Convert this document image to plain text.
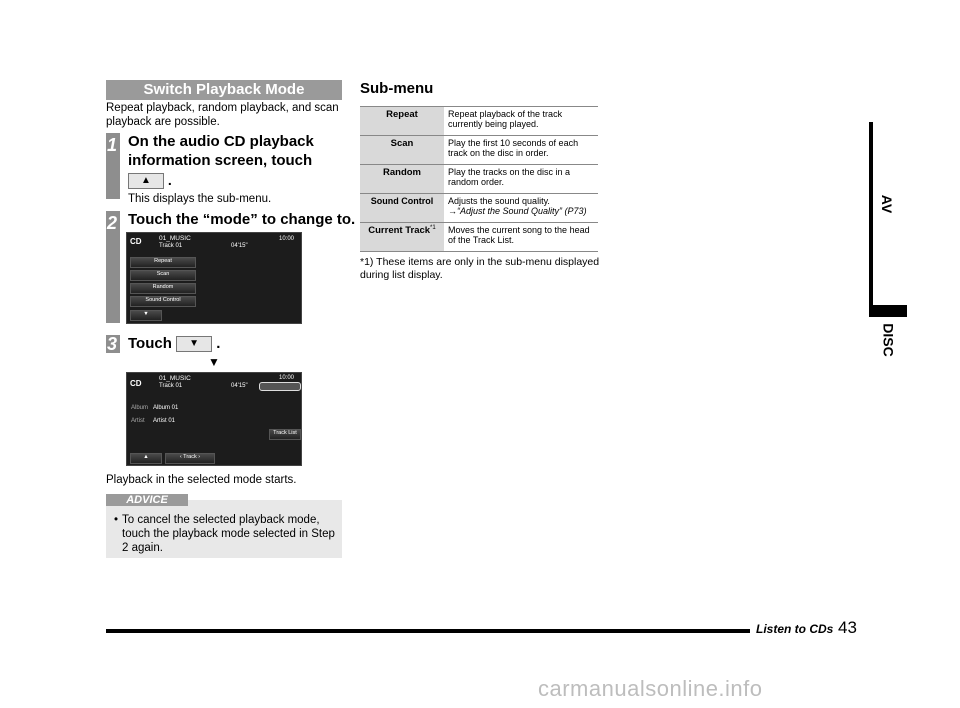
Switch Playback Mode
Repeat playback, random playback, and scan playback are possible.
1 On the audio CD playback
information screen, touch
▲ .
This displays the sub-menu.
2 Touch the “mode” to change to.
CD	01_MUSIC
Track 01	04'15"
10:00
Repeat
Scan
Random
Sound Control
▼
3 Touch ▼ .
▼
CD
01_MUSIC
Track 01	04'15"
10:00
Album Album 01
Artist Artist 01
Track List
▲	‹ Track ›
Playback in the selected mode starts.
ADVICE
• To cancel the selected playback mode, touch the playback mode selected in Step 2 again.
Sub-menu
Repeat	Repeat playback of the track currently being played.
Scan	Play the first 10 seconds of each track on the disc in order.
Random	Play the tracks on the disc in a random order.
Sound Control	Adjusts the sound quality.
→“Adjust the Sound Quality” (P73)

Current Track$^{*1}$	Moves the current song to the head of the Track List.
*1) These items are only in the sub-menu displayed during list display.
AV
DISC
Listen to CDs 43
carmanualsonline.info
